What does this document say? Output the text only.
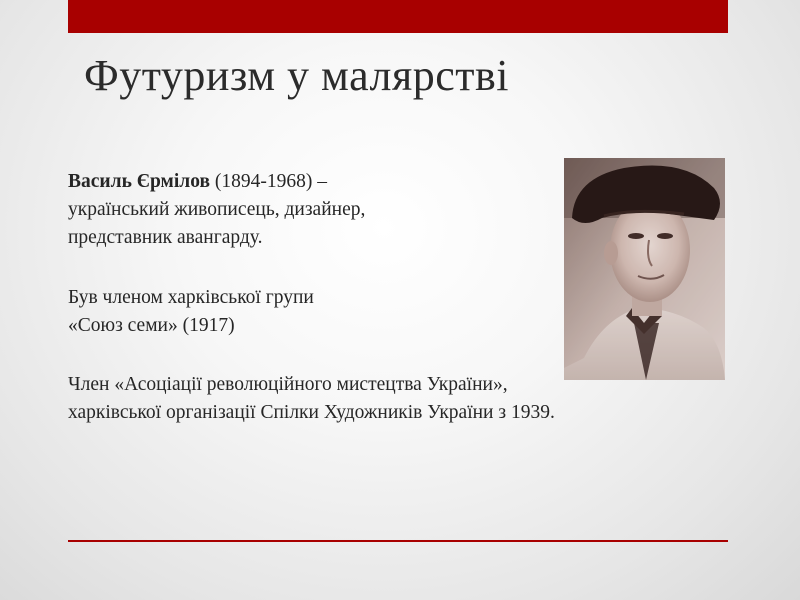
Футуризм у малярстві

Василь Єрмілов (1894-1968) –

український живописець, дизайнер,

представник авангарду.

Був членом харківської групи

«Союз семи» (1917)

Член «Асоціації революційного мистецтва України»,

харківської організації Спілки Художників України з 1939.
